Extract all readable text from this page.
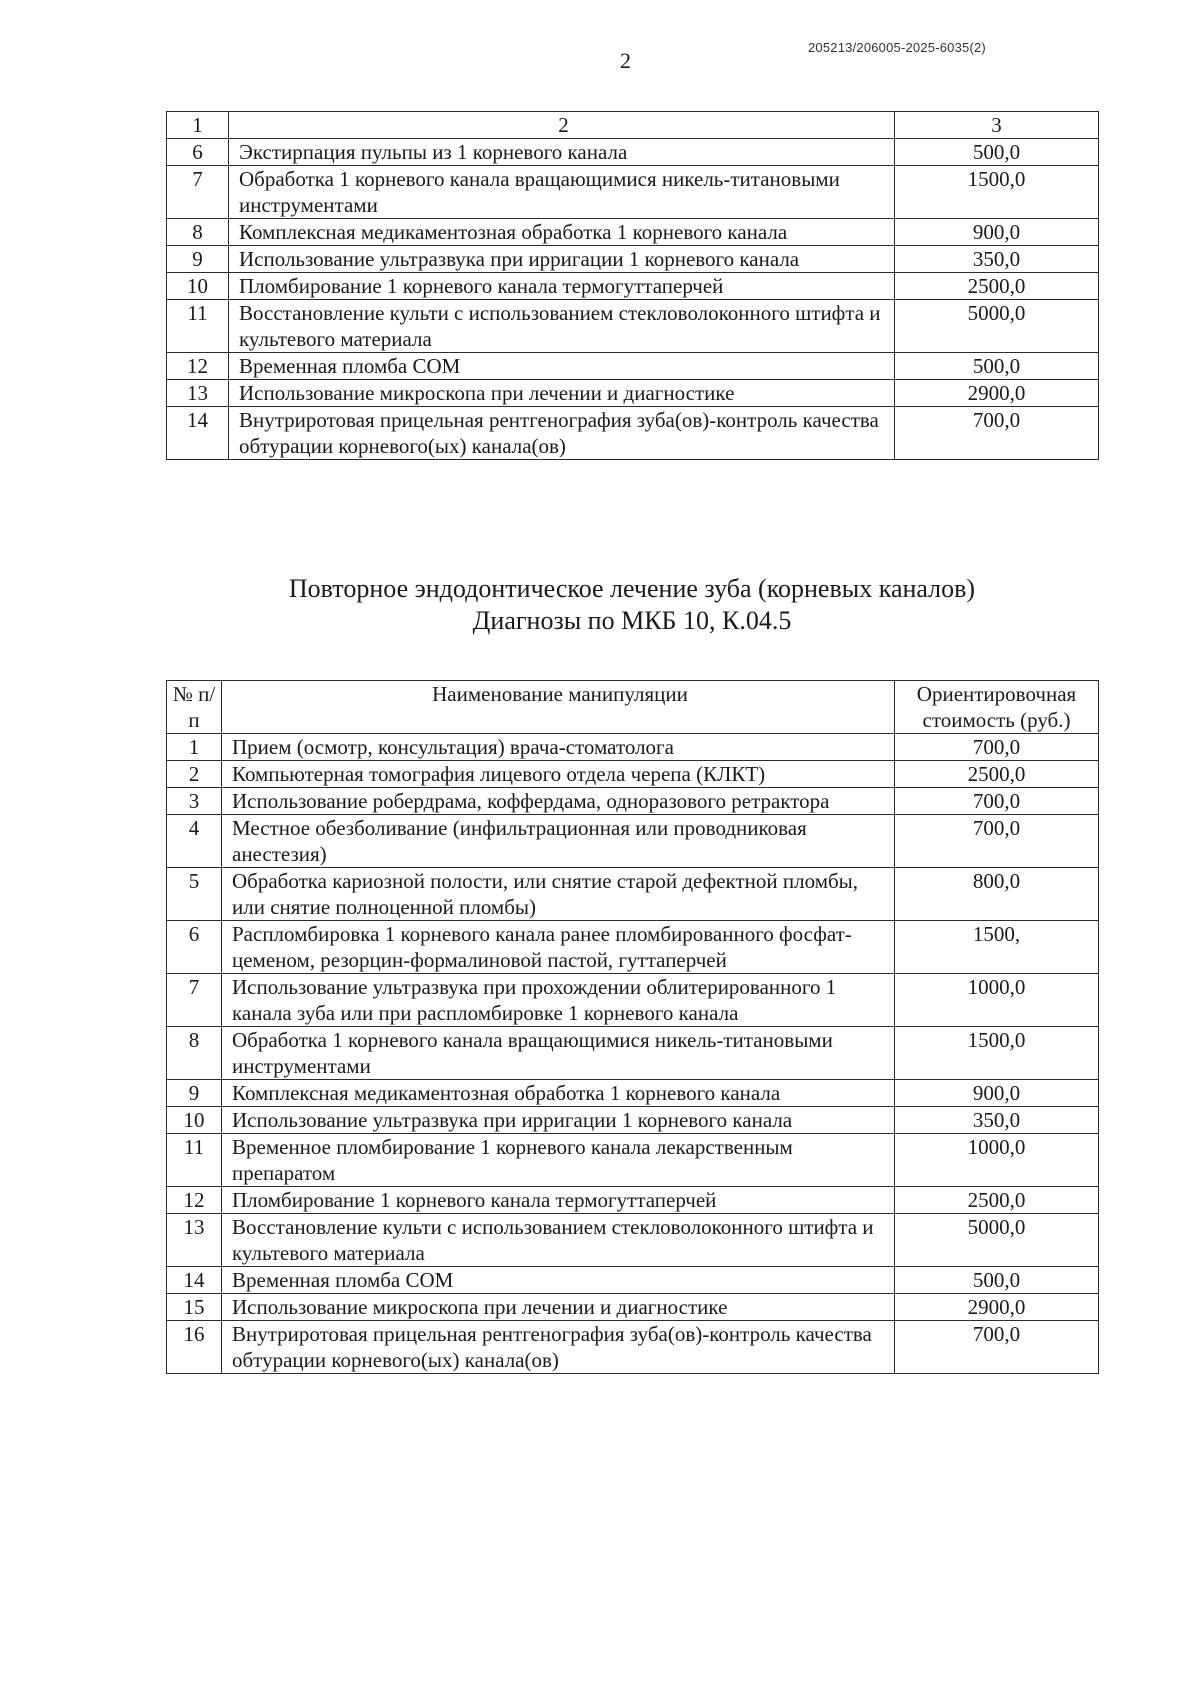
2
205213/206005-2025-6035(2)
1	2	3
6	Экстирпация пульпы из 1 корневого канала	500,0
7	Обработка 1 корневого канала вращающимися никель-титановыми инструментами	1500,0
8	Комплексная медикаментозная обработка 1 корневого канала	900,0
9	Использование ультразвука при ирригации 1 корневого канала	350,0
10	Пломбирование 1 корневого канала термогуттаперчей	2500,0
11	Восстановление культи с использованием стекловолоконного штифта и культевого материала	5000,0
12	Временная пломба СОМ	500,0
13	Использование микроскопа при лечении и диагностике	2900,0
14	Внутриротовая прицельная рентгенография зуба(ов)-контроль качества обтурации корневого(ых) канала(ов)	700,0
Повторное эндодонтическое лечение зуба (корневых каналов)
Диагнозы по МКБ 10, К.04.5
№ п/п	Наименование манипуляции	Ориентировочная стоимость (руб.)
1	Прием (осмотр, консультация) врача-стоматолога	700,0
2	Компьютерная томография лицевого отдела черепа (КЛКТ)	2500,0
3	Использование робердрама, коффердама, одноразового ретрактора	700,0
4	Местное обезболивание (инфильтрационная или проводниковая анестезия)	700,0
5	Обработка кариозной полости, или снятие старой дефектной пломбы, или снятие полноценной пломбы)	800,0
6	Распломбировка 1 корневого канала ранее пломбированного фосфат-цеменом, резорцин-формалиновой пастой, гуттаперчей	1500,
7	Использование ультразвука при прохождении облитерированного 1 канала зуба или при распломбировке 1 корневого канала	1000,0
8	Обработка 1 корневого канала вращающимися никель-титановыми инструментами	1500,0
9	Комплексная медикаментозная обработка 1 корневого канала	900,0
10	Использование ультразвука при ирригации 1 корневого канала	350,0
11	Временное пломбирование 1 корневого канала лекарственным препаратом	1000,0
12	Пломбирование 1 корневого канала термогуттаперчей	2500,0
13	Восстановление культи с использованием стекловолоконного штифта и культевого материала	5000,0
14	Временная пломба СОМ	500,0
15	Использование микроскопа при лечении и диагностике	2900,0
16	Внутриротовая прицельная рентгенография зуба(ов)-контроль качества обтурации корневого(ых) канала(ов)	700,0
